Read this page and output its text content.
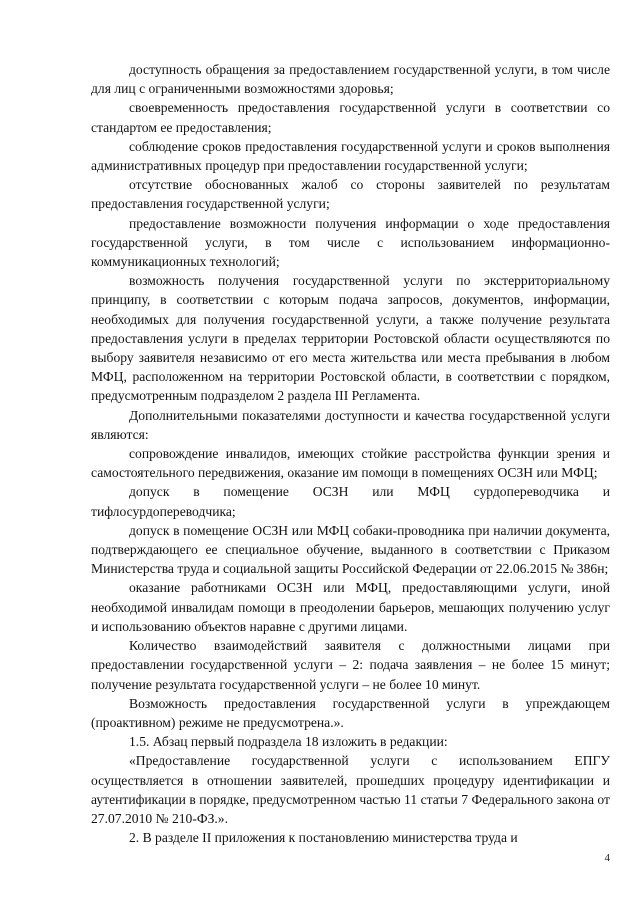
доступность обращения за предоставлением государственной услуги, в том числе для лиц с ограниченными возможностями здоровья;

своевременность предоставления государственной услуги в соответствии со стандартом ее предоставления;

соблюдение сроков предоставления государственной услуги и сроков выполнения административных процедур при предоставлении государственной услуги;

отсутствие обоснованных жалоб со стороны заявителей по результатам предоставления государственной услуги;

предоставление возможности получения информации о ходе предоставления государственной услуги, в том числе с использованием информационно-коммуникационных технологий;

возможность получения государственной услуги по экстерриториальному принципу, в соответствии с которым подача запросов, документов, информации, необходимых для получения государственной услуги, а также получение результата предоставления услуги в пределах территории Ростовской области осуществляются по выбору заявителя независимо от его места жительства или места пребывания в любом МФЦ, расположенном на территории Ростовской области, в соответствии с порядком, предусмотренным подразделом 2 раздела III Регламента.

Дополнительными показателями доступности и качества государственной услуги являются:

сопровождение инвалидов, имеющих стойкие расстройства функции зрения и самостоятельного передвижения, оказание им помощи в помещениях ОСЗН или МФЦ;

допуск в помещение ОСЗН или МФЦ сурдопереводчика и тифлосурдопереводчика;

допуск в помещение ОСЗН или МФЦ собаки-проводника при наличии документа, подтверждающего ее специальное обучение, выданного в соответствии с Приказом Министерства труда и социальной защиты Российской Федерации от 22.06.2015 № 386н;

оказание работниками ОСЗН или МФЦ, предоставляющими услуги, иной необходимой инвалидам помощи в преодолении барьеров, мешающих получению услуг и использованию объектов наравне с другими лицами.

Количество взаимодействий заявителя с должностными лицами при предоставлении государственной услуги – 2: подача заявления – не более 15 минут; получение результата государственной услуги – не более 10 минут.

Возможность предоставления государственной услуги в упреждающем (проактивном) режиме не предусмотрена.».

1.5. Абзац первый подраздела 18 изложить в редакции:

«Предоставление государственной услуги с использованием ЕПГУ осуществляется в отношении заявителей, прошедших процедуру идентификации и аутентификации в порядке, предусмотренном частью 11 статьи 7 Федерального закона от 27.07.2010 № 210-ФЗ.».

2. В разделе II приложения к постановлению министерства труда и

4
